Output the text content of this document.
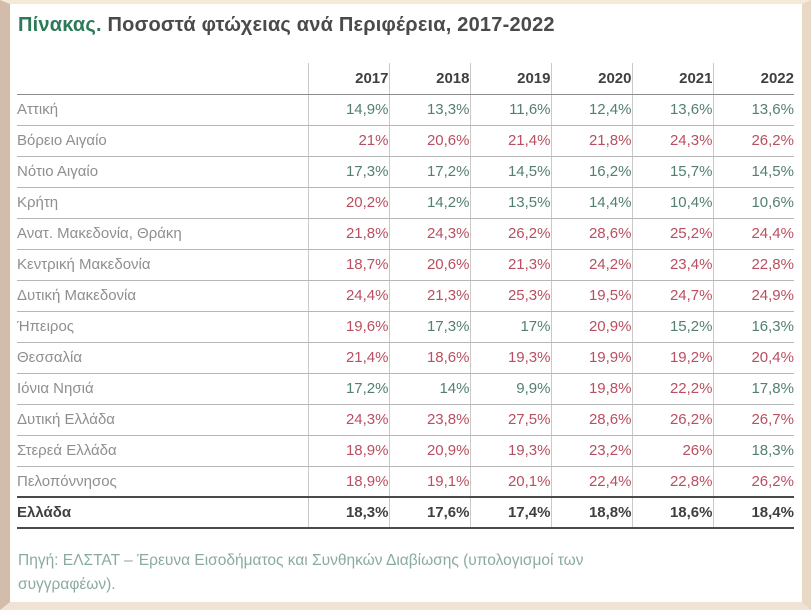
Πίνακας. Ποσοστά φτώχειας ανά Περιφέρεια, 2017-2022
	2017	2018	2019	2020	2021	2022
Αττική	14,9%	13,3%	11,6%	12,4%	13,6%	13,6%
Βόρειο Αιγαίο	21%	20,6%	21,4%	21,8%	24,3%	26,2%
Νότιο Αιγαίο	17,3%	17,2%	14,5%	16,2%	15,7%	14,5%
Κρήτη	20,2%	14,2%	13,5%	14,4%	10,4%	10,6%
Ανατ. Μακεδονία, Θράκη	21,8%	24,3%	26,2%	28,6%	25,2%	24,4%
Κεντρική Μακεδονία	18,7%	20,6%	21,3%	24,2%	23,4%	22,8%
Δυτική Μακεδονία	24,4%	21,3%	25,3%	19,5%	24,7%	24,9%
Ήπειρος	19,6%	17,3%	17%	20,9%	15,2%	16,3%
Θεσσαλία	21,4%	18,6%	19,3%	19,9%	19,2%	20,4%
Ιόνια Νησιά	17,2%	14%	9,9%	19,8%	22,2%	17,8%
Δυτική Ελλάδα	24,3%	23,8%	27,5%	28,6%	26,2%	26,7%
Στερεά Ελλάδα	18,9%	20,9%	19,3%	23,2%	26%	18,3%
Πελοπόννησος	18,9%	19,1%	20,1%	22,4%	22,8%	26,2%
Ελλάδα	18,3%	17,6%	17,4%	18,8%	18,6%	18,4%

Πηγή: ΕΛΣΤΑΤ – Έρευνα Εισοδήματος και Συνθηκών Διαβίωσης (υπολογισμοί των συγγραφέων).
